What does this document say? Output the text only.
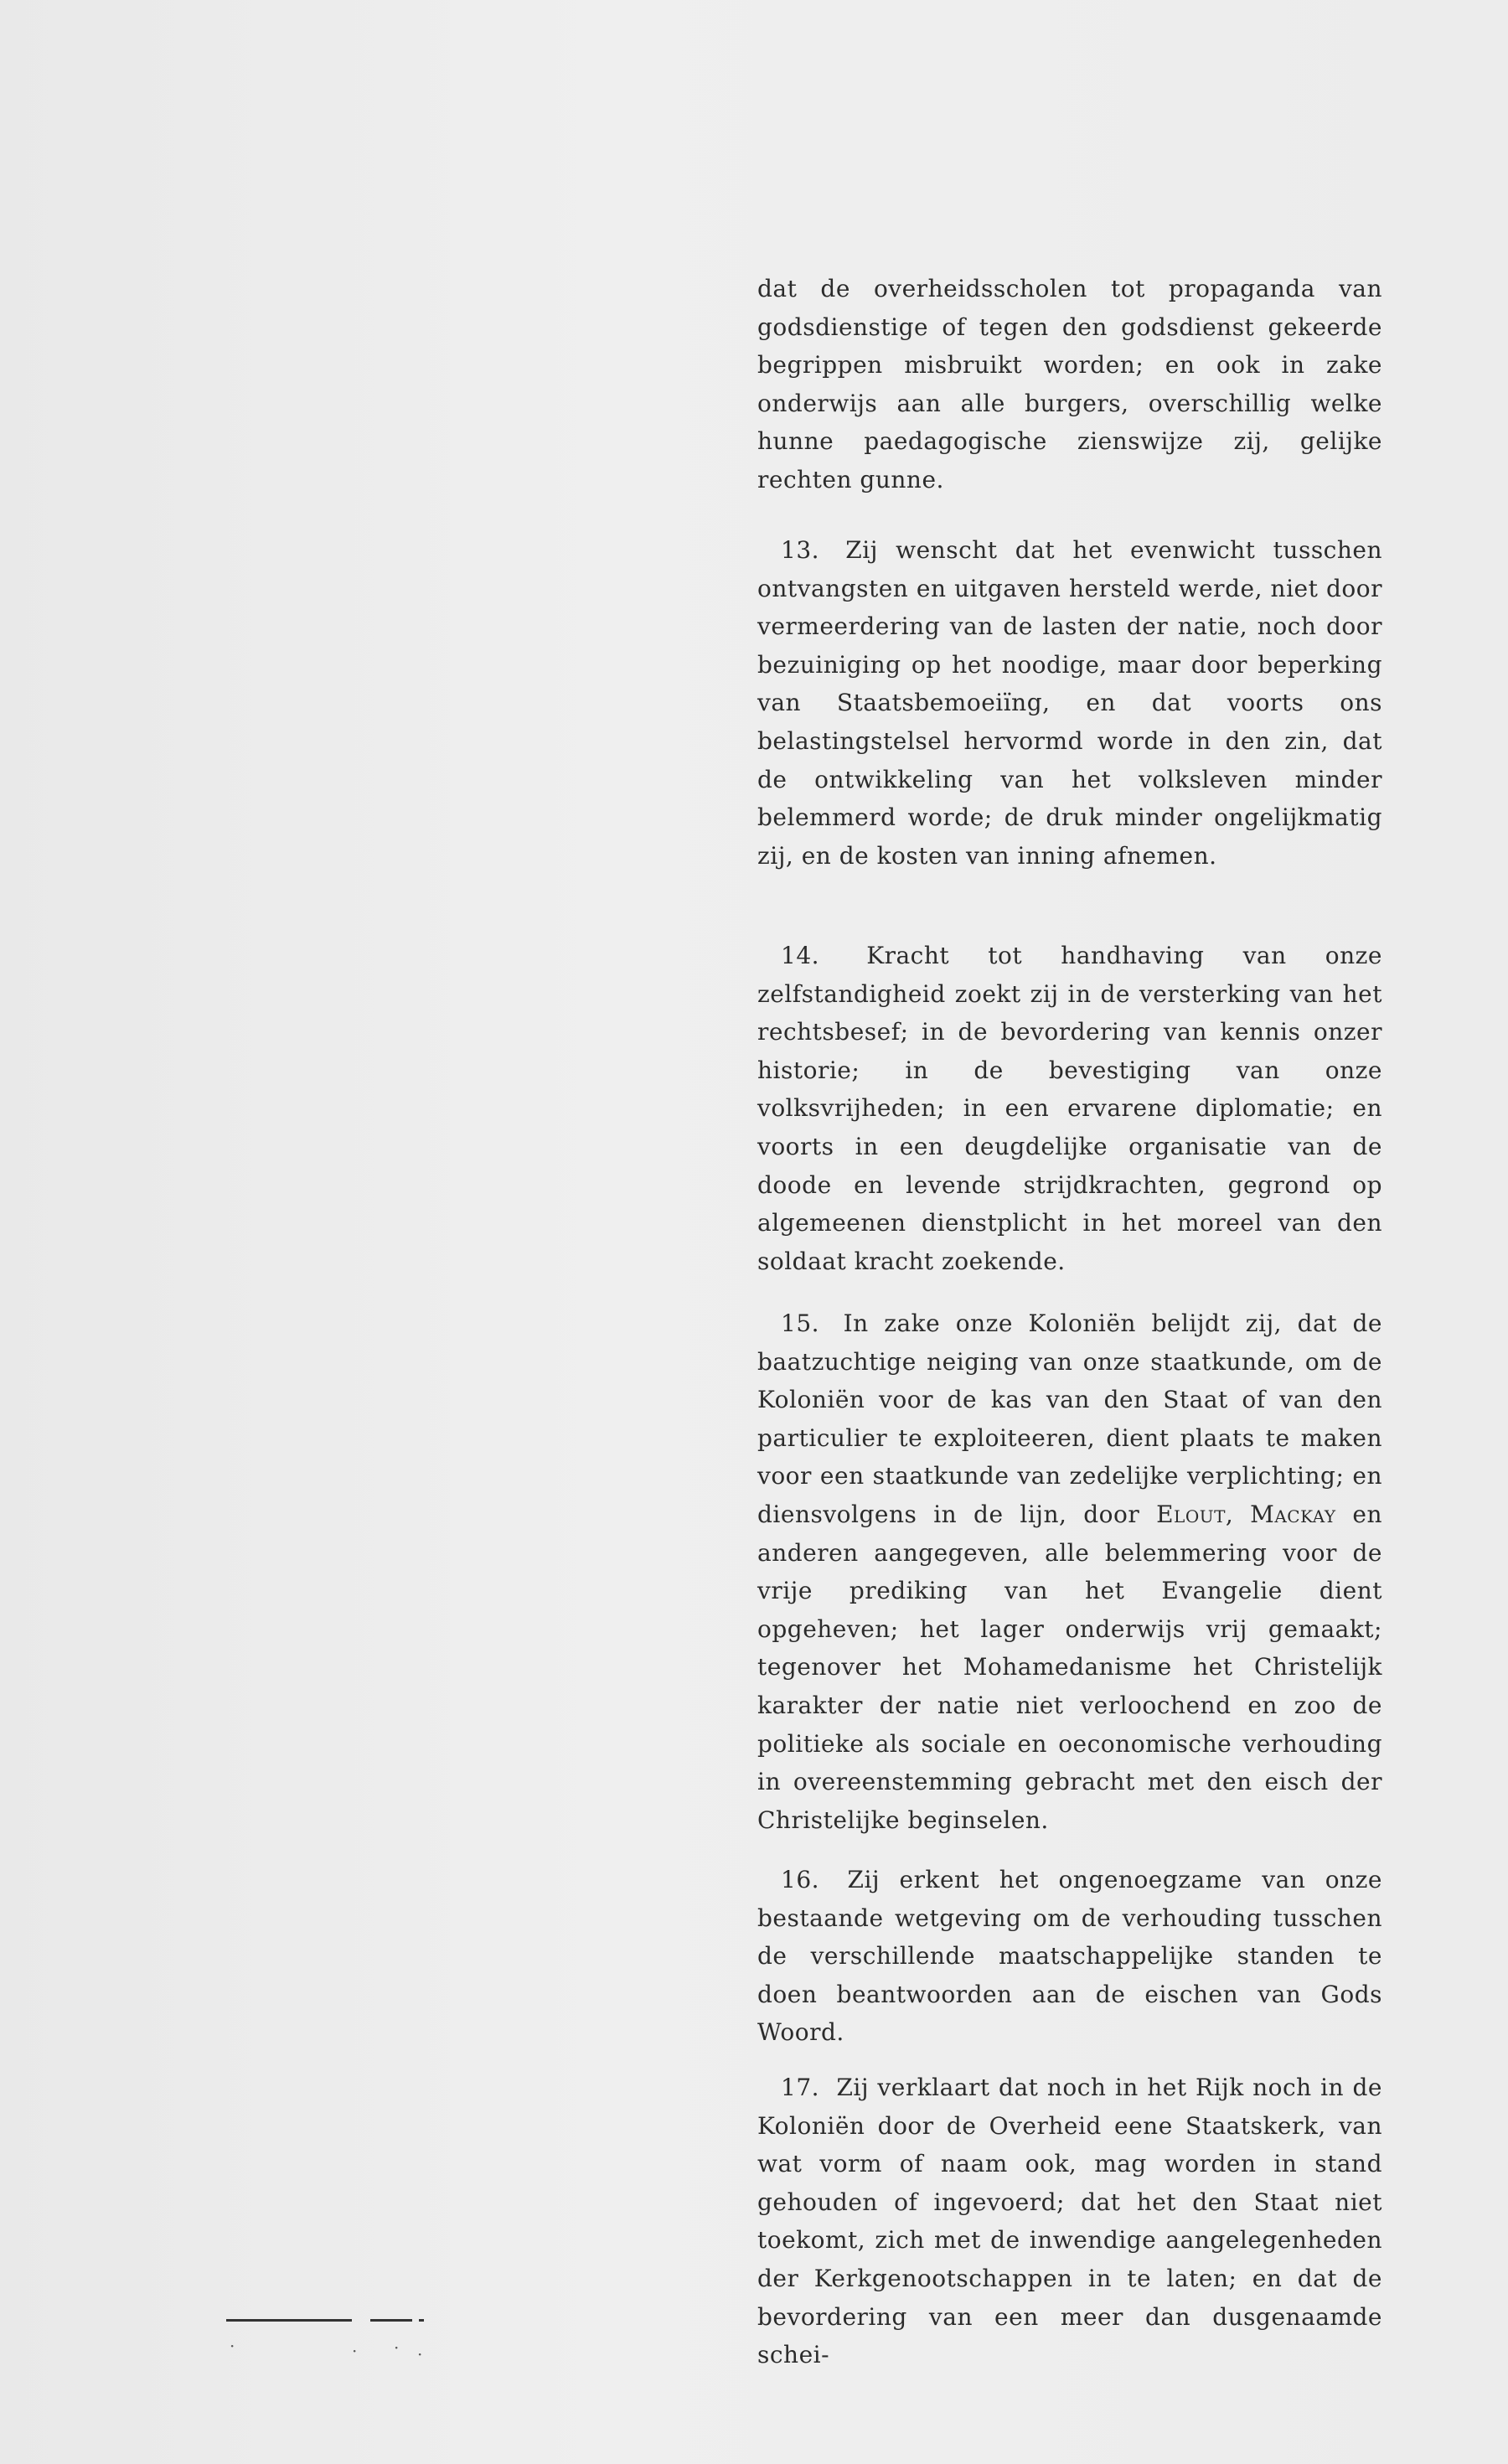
dat de overheidsscholen tot propaganda van godsdienstige of tegen den godsdienst gekeerde begrippen misbruikt worden; en ook in zake onderwijs aan alle burgers, overschillig welke hunne paedagogische zienswijze zij, gelijke rechten gunne.

13. Zij wenscht dat het evenwicht tusschen ontvangsten en uitgaven hersteld werde, niet door vermeerdering van de lasten der natie, noch door bezuiniging op het noodige, maar door beperking van Staatsbemoeiïng, en dat voorts ons belastingstelsel hervormd worde in den zin, dat de ontwikkeling van het volksleven minder belemmerd worde; de druk minder ongelijkmatig zij, en de kosten van inning afnemen.

14. Kracht tot handhaving van onze zelfstandigheid zoekt zij in de versterking van het rechtsbesef; in de bevordering van kennis onzer historie; in de bevestiging van onze volksvrijheden; in een ervarene diplomatie; en voorts in een deugdelijke organisatie van de doode en levende strijdkrachten, gegrond op algemeenen dienstplicht in het moreel van den soldaat kracht zoekende.

15. In zake onze Koloniën belijdt zij, dat de baatzuchtige neiging van onze staatkunde, om de Koloniën voor de kas van den Staat of van den particulier te exploiteeren, dient plaats te maken voor een staatkunde van zedelijke verplichting; en diensvolgens in de lijn, door Elout, Mackay en anderen aangegeven, alle belemmering voor de vrije prediking van het Evangelie dient opgeheven; het lager onderwijs vrij gemaakt; tegenover het Mohamedanisme het Christelijk karakter der natie niet verloochend en zoo de politieke als sociale en oeconomische verhouding in overeenstemming gebracht met den eisch der Christelijke beginselen.

16. Zij erkent het ongenoegzame van onze bestaande wetgeving om de verhouding tusschen de verschillende maatschappelijke standen te doen beantwoorden aan de eischen van Gods Woord.

17. Zij verklaart dat noch in het Rijk noch in de Koloniën door de Overheid eene Staatskerk, van wat vorm of naam ook, mag worden in stand gehouden of ingevoerd; dat het den Staat niet toekomt, zich met de inwendige aangelegenheden der Kerkgenootschappen in te laten; en dat de bevordering van een meer dan dusgenaamde schei-

·	· · ·
